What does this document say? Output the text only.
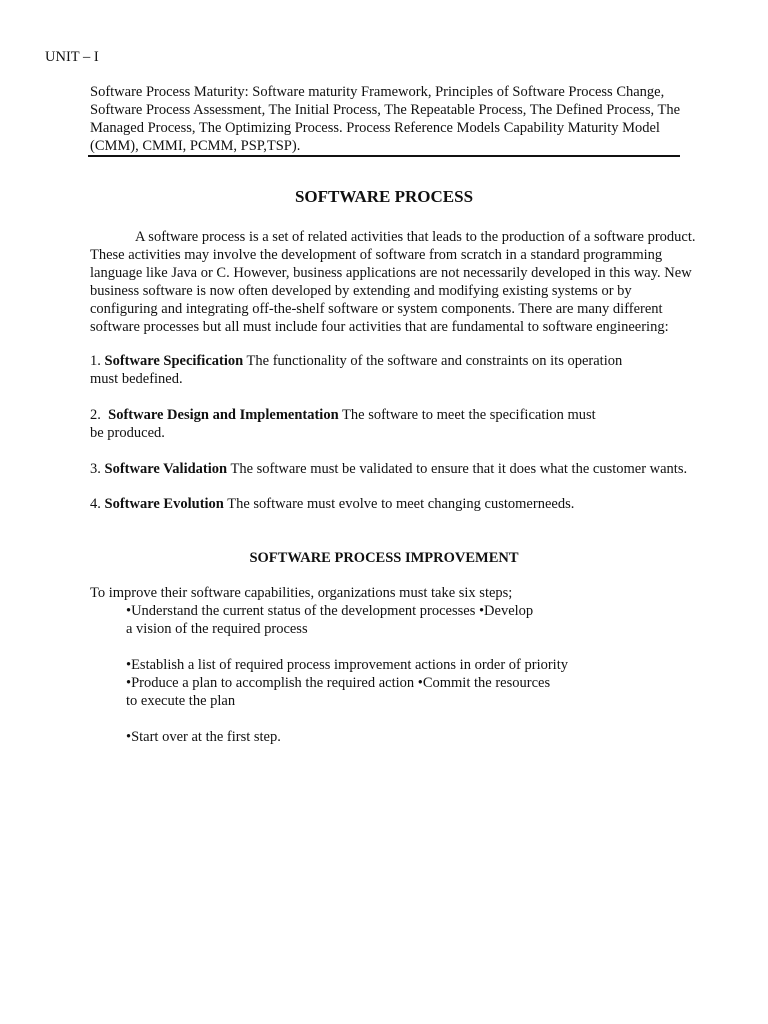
UNIT – I

Software Process Maturity: Software maturity Framework, Principles of Software Process Change,
Software Process Assessment, The Initial Process, The Repeatable Process, The Defined Process, The
Managed Process, The Optimizing Process. Process Reference Models Capability Maturity Model
(CMM), CMMI, PCMM, PSP,TSP).
SOFTWARE PROCESS
A software process is a set of related activities that leads to the production of a software product.
These activities may involve the development of software from scratch in a standard programming
language like Java or C. However, business applications are not necessarily developed in this way. New
business software is now often developed by extending and modifying existing systems or by
configuring and integrating off-the-shelf software or system components. There are many different
software processes but all must include four activities that are fundamental to software engineering:
1. Software Specification The functionality of the software and constraints on its operation
must bedefined.
2. Software Design and Implementation The software to meet the specification must
be produced.
3. Software Validation The software must be validated to ensure that it does what the customer wants.
4. Software Evolution The software must evolve to meet changing customerneeds.
SOFTWARE PROCESS IMPROVEMENT

To improve their software capabilities, organizations must take six steps;

•Understand the current status of the development processes •Develop
a vision of the required process
•Establish a list of required process improvement actions in order of priority
•Produce a plan to accomplish the required action •Commit the resources
to execute the plan
•Start over at the first step.
